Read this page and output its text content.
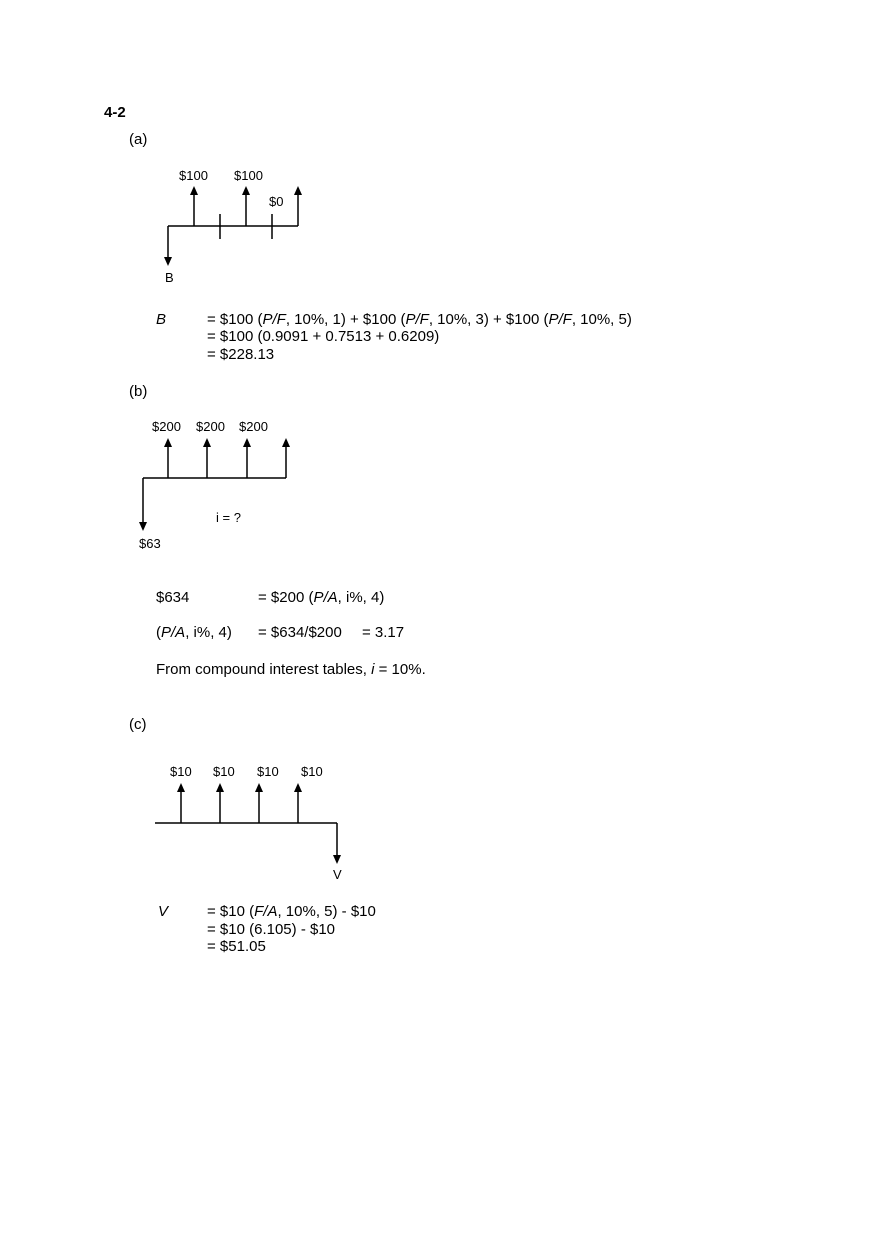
4-2
(a)
$100 $100
$0
B
B	= $100 (P/F, 10%, 1) + $100 (P/F, 10%, 3) + $100 (P/F, 10%, 5)
= $100 (0.9091 + 0.7513 + 0.6209)
= $228.13
(b)
$200 $200 $200
i = ?
$63
$634	= $200 (P/A, i%, 4)
(P/A, i%, 4) = $634/$200 = 3.17
From compound interest tables, i = 10%.
(c)
$10 $10 $10 $10
V
V	= $10 (F/A, 10%, 5) - $10
= $10 (6.105) - $10
= $51.05
